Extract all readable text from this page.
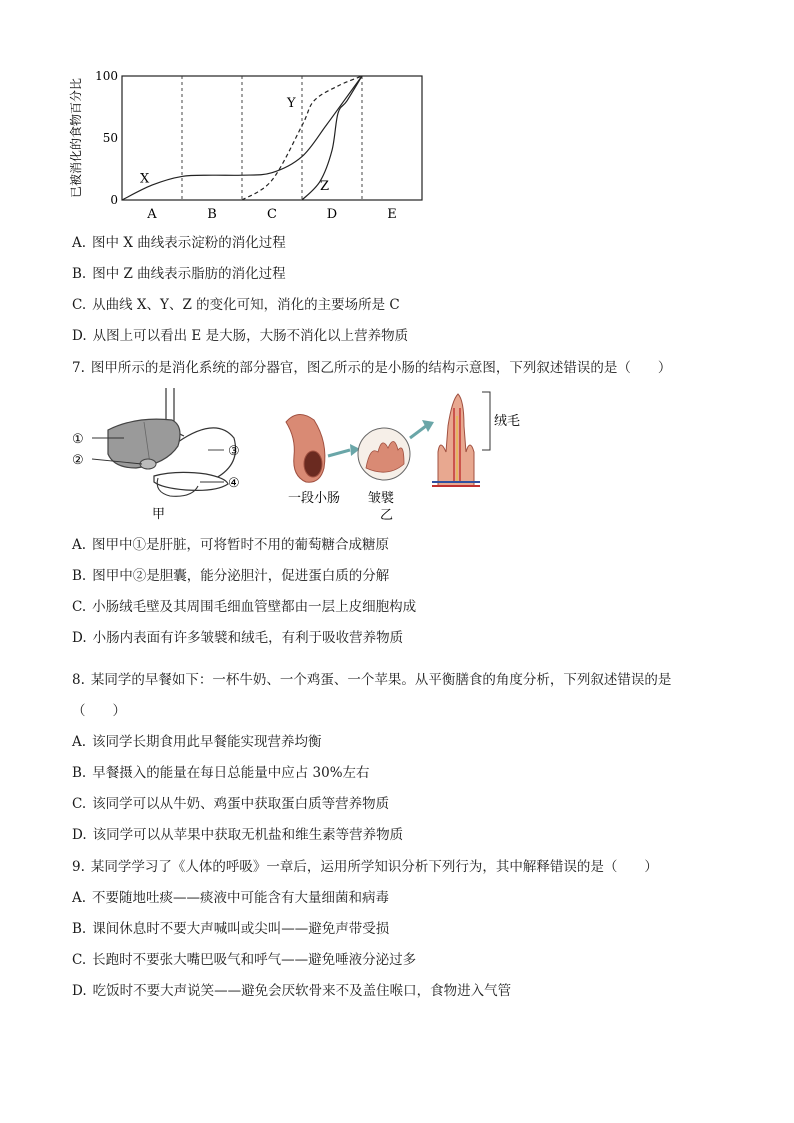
A	B	C	D	E
0
50
100
已被消化的食物百分比	X
Y
Z
A. 图中 X 曲线表示淀粉的消化过程
B. 图中 Z 曲线表示脂肪的消化过程
C. 从曲线 X、Y、Z 的变化可知，消化的主要场所是 C
D. 从图上可以看出 E 是大肠，大肠不消化以上营养物质
7. 图甲所示的是消化系统的部分器官，图乙所示的是小肠的结构示意图，下列叙述错误的是（　　）
①
②
③
④
甲
绒毛
一段小肠 皱襞
乙
A. 图甲中①是肝脏，可将暂时不用的葡萄糖合成糖原
B. 图甲中②是胆囊，能分泌胆汁，促进蛋白质的分解
C. 小肠绒毛壁及其周围毛细血管壁都由一层上皮细胞构成
D. 小肠内表面有许多皱襞和绒毛，有利于吸收营养物质
8. 某同学的早餐如下：一杯牛奶、一个鸡蛋、一个苹果。从平衡膳食的角度分析，下列叙述错误的是
（　　）
A. 该同学长期食用此早餐能实现营养均衡
B. 早餐摄入的能量在每日总能量中应占 30%左右
C. 该同学可以从牛奶、鸡蛋中获取蛋白质等营养物质
D. 该同学可以从苹果中获取无机盐和维生素等营养物质
9. 某同学学习了《人体的呼吸》一章后，运用所学知识分析下列行为，其中解释错误的是（　　）
A. 不要随地吐痰——痰液中可能含有大量细菌和病毒
B. 课间休息时不要大声喊叫或尖叫——避免声带受损
C. 长跑时不要张大嘴巴吸气和呼气——避免唾液分泌过多
D. 吃饭时不要大声说笑——避免会厌软骨来不及盖住喉口，食物进入气管
